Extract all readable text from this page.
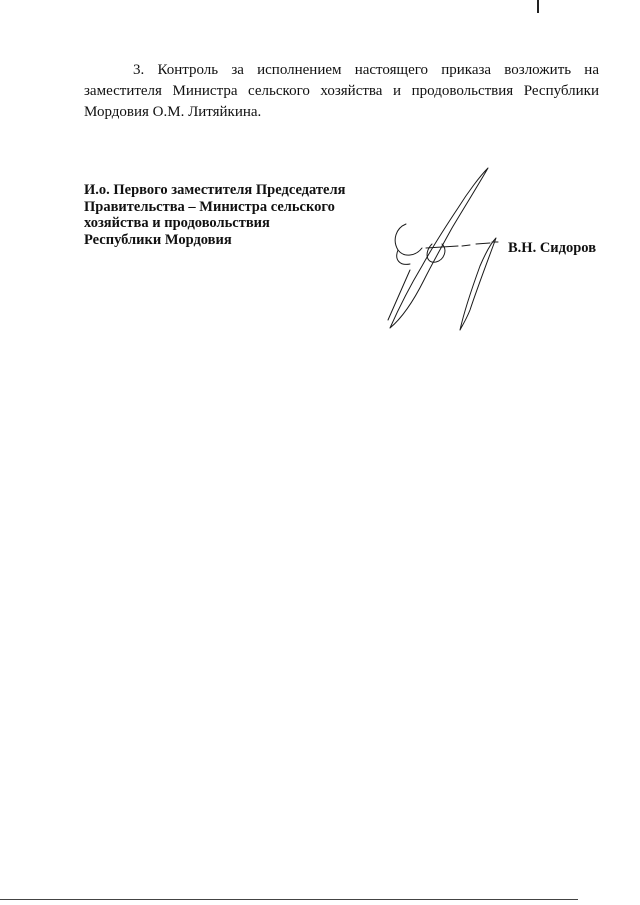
3. Контроль за исполнением настоящего приказа возложить на заместителя Министра сельского хозяйства и продовольствия Республики Мордовия О.М. Литяйкина.

И.о. Первого заместителя Председателя
Правительства – Министра сельского
хозяйства и продовольствия
Республики Мордовия
В.Н. Сидоров
